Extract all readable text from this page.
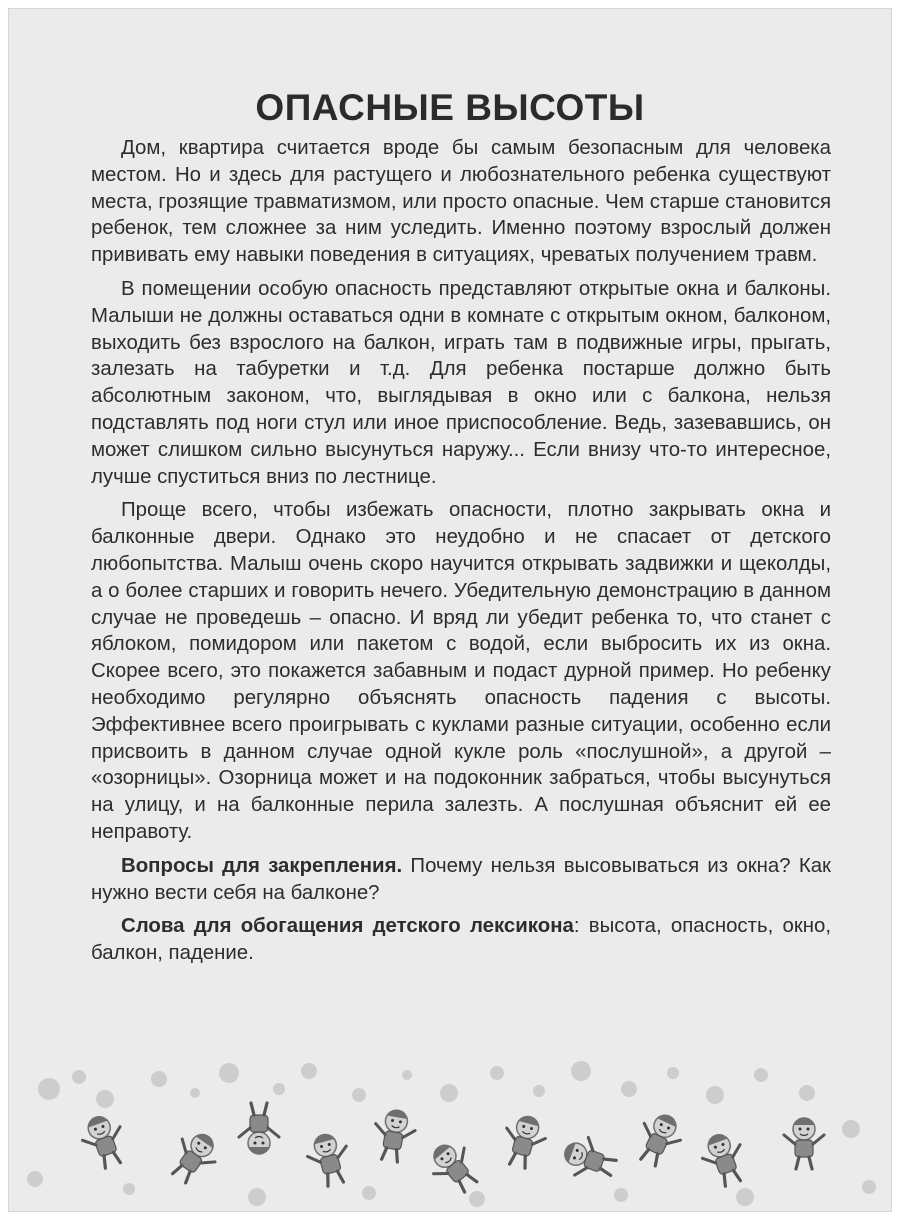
ОПАСНЫЕ ВЫСОТЫ

Дом, квартира считается вроде бы самым безопасным для человека местом. Но и здесь для растущего и любознательного ребенка существуют места, грозящие травматизмом, или просто опасные. Чем старше становится ребенок, тем сложнее за ним уследить. Именно поэтому взрослый должен прививать ему навыки поведения в ситуациях, чреватых получением травм.

В помещении особую опасность представляют открытые окна и балконы. Малыши не должны оставаться одни в комнате с открытым окном, балконом, выходить без взрослого на балкон, играть там в подвижные игры, прыгать, залезать на табуретки и т.д. Для ребенка постарше должно быть абсолютным законом, что, выглядывая в окно или с балкона, нельзя подставлять под ноги стул или иное приспособление. Ведь, зазевавшись, он может слишком сильно высунуться наружу... Если внизу что-то интересное, лучше спуститься вниз по лестнице.

Проще всего, чтобы избежать опасности, плотно закрывать окна и балконные двери. Однако это неудобно и не спасает от детского любопытства. Малыш очень скоро научится открывать задвижки и щеколды, а о более старших и говорить нечего. Убедительную демонстрацию в данном случае не проведешь – опасно. И вряд ли убедит ребенка то, что станет с яблоком, помидором или пакетом с водой, если выбросить их из окна. Скорее всего, это покажется забавным и подаст дурной пример. Но ребенку необходимо регулярно объяснять опасность падения с высоты. Эффективнее всего проигрывать с куклами разные ситуации, особенно если присвоить в данном случае одной кукле роль «послушной», а другой – «озорницы». Озорница может и на подоконник забраться, чтобы высунуться на улицу, и на балконные перила залезть. А послушная объяснит ей ее неправоту.

Вопросы для закрепления. Почему нельзя высовываться из окна? Как нужно вести себя на балконе?

Слова для обогащения детского лексикона: высота, опасность, окно, балкон, падение.
